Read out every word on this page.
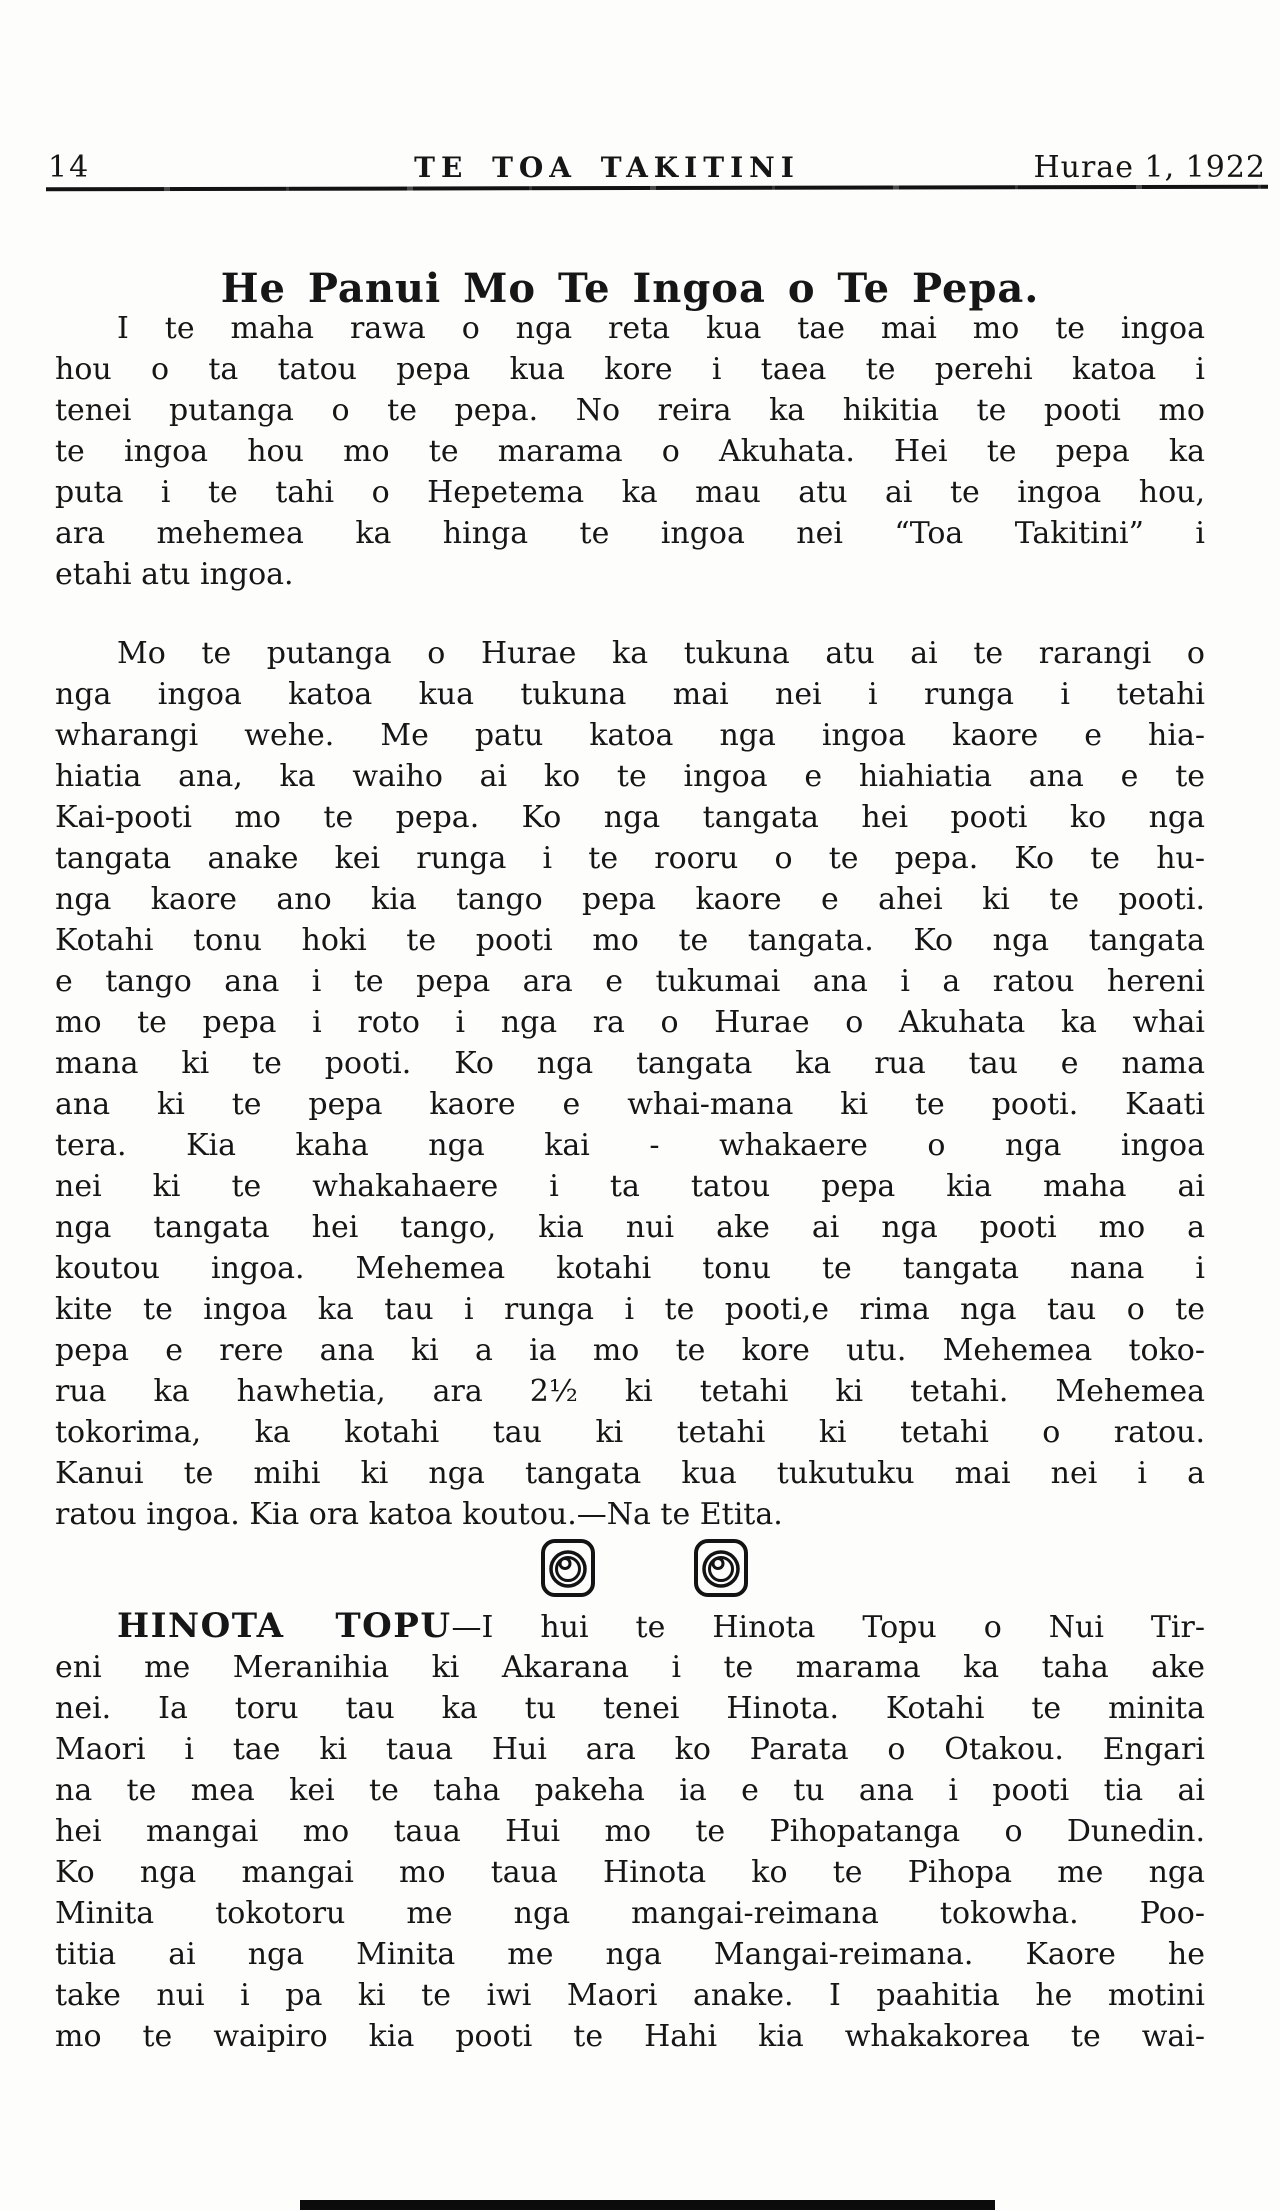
14	TE TOA TAKITINI	Hurae 1, 1922
He Panui Mo Te Ingoa o Te Pepa.
I te maha rawa o nga reta kua tae mai mo te ingoa
hou o ta tatou pepa kua kore i taea te perehi katoa i
tenei putanga o te pepa. No reira ka hikitia te pooti mo
te ingoa hou mo te marama o Akuhata. Hei te pepa ka
puta i te tahi o Hepetema ka mau atu ai te ingoa hou,
ara mehemea ka hinga te ingoa nei “Toa Takitini” i
etahi atu ingoa.
Mo te putanga o Hurae ka tukuna atu ai te rarangi o
nga ingoa katoa kua tukuna mai nei i runga i tetahi
wharangi wehe. Me patu katoa nga ingoa kaore e hia-
hiatia ana, ka waiho ai ko te ingoa e hiahiatia ana e te
Kai-pooti mo te pepa. Ko nga tangata hei pooti ko nga
tangata anake kei runga i te rooru o te pepa. Ko te hu-
nga kaore ano kia tango pepa kaore e ahei ki te pooti.
Kotahi tonu hoki te pooti mo te tangata. Ko nga tangata
e tango ana i te pepa ara e tukumai ana i a ratou hereni
mo te pepa i roto i nga ra o Hurae o Akuhata ka whai
mana ki te pooti. Ko nga tangata ka rua tau e nama
ana ki te pepa kaore e whai-mana ki te pooti. Kaati
tera. Kia kaha nga kai - whakaere o nga ingoa
nei ki te whakahaere i ta tatou pepa kia maha ai
nga tangata hei tango, kia nui ake ai nga pooti mo a
koutou ingoa. Mehemea kotahi tonu te tangata nana i
kite te ingoa ka tau i runga i te pooti,e rima nga tau o te
pepa e rere ana ki a ia mo te kore utu. Mehemea toko-
rua ka hawhetia, ara 2½ ki tetahi ki tetahi. Mehemea
tokorima, ka kotahi tau ki tetahi ki tetahi o ratou.
Kanui te mihi ki nga tangata kua tukutuku mai nei i a
ratou ingoa. Kia ora katoa koutou.—Na te Etita.
HINOTA TOPU—I hui te Hinota Topu o Nui Tir-
eni me Meranihia ki Akarana i te marama ka taha ake
nei. Ia toru tau ka tu tenei Hinota. Kotahi te minita
Maori i tae ki taua Hui ara ko Parata o Otakou. Engari
na te mea kei te taha pakeha ia e tu ana i pooti tia ai
hei mangai mo taua Hui mo te Pihopatanga o Dunedin.
Ko nga mangai mo taua Hinota ko te Pihopa me nga
Minita tokotoru me nga mangai-reimana tokowha. Poo-
titia ai nga Minita me nga Mangai-reimana. Kaore he
take nui i pa ki te iwi Maori anake. I paahitia he motini
mo te waipiro kia pooti te Hahi kia whakakorea te wai-
